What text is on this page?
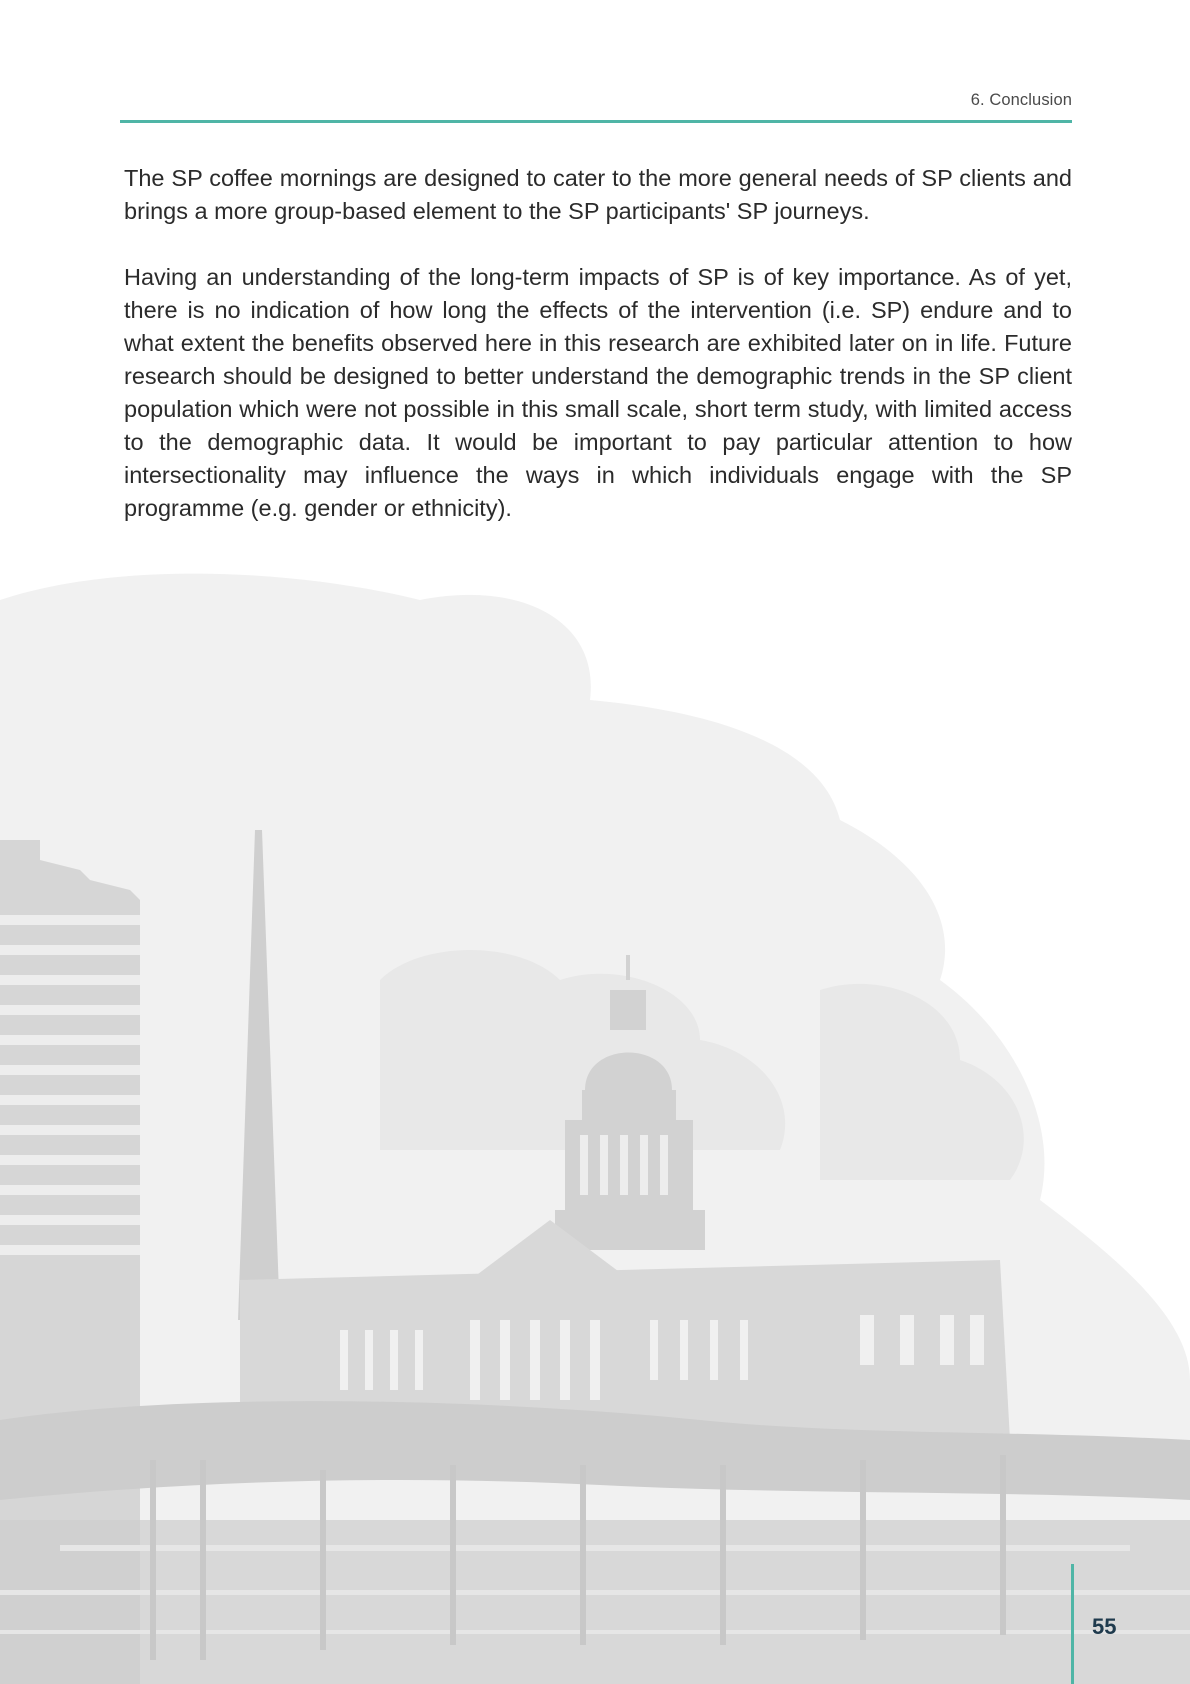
6. Conclusion

The SP coffee mornings are designed to cater to the more general needs of SP clients and brings a more group-based element to the SP participants' SP journeys.

Having an understanding of the long-term impacts of SP is of key importance. As of yet, there is no indication of how long the effects of the intervention (i.e. SP) endure and to what extent the benefits observed here in this research are exhibited later on in life. Future research should be designed to better understand the demographic trends in the SP client population which were not possible in this small scale, short term study, with limited access to the demographic data. It would be important to pay particular attention to how intersectionality may influence the ways in which individuals engage with the SP programme (e.g. gender or ethnicity).

55
